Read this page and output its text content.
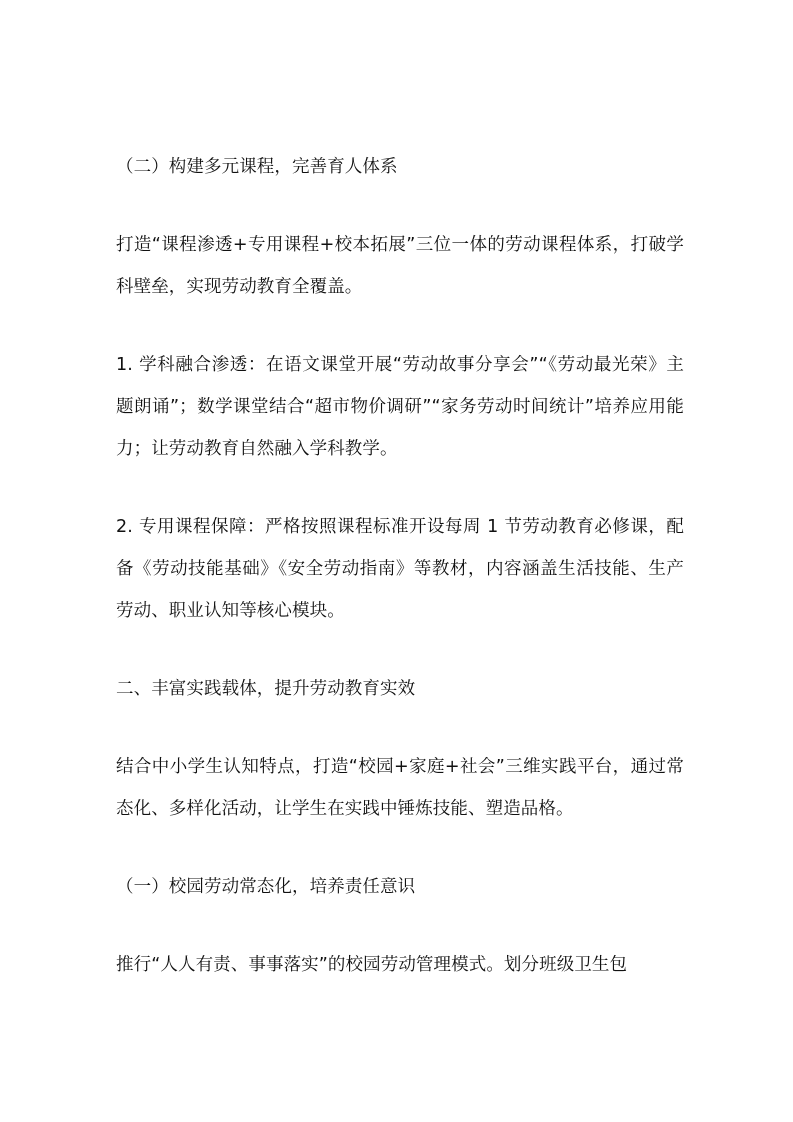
（二）构建多元课程，完善育人体系

打造“课程渗透+专用课程+校本拓展”三位一体的劳动课程体系，打破学科壁垒，实现劳动教育全覆盖。

1. 学科融合渗透：在语文课堂开展“劳动故事分享会”“《劳动最光荣》主题朗诵”；数学课堂结合“超市物价调研”“家务劳动时间统计”培养应用能力；让劳动教育自然融入学科教学。

2. 专用课程保障：严格按照课程标准开设每周 1 节劳动教育必修课，配备《劳动技能基础》《安全劳动指南》等教材，内容涵盖生活技能、生产劳动、职业认知等核心模块。

二、丰富实践载体，提升劳动教育实效

结合中小学生认知特点，打造“校园+家庭+社会”三维实践平台，通过常态化、多样化活动，让学生在实践中锤炼技能、塑造品格。

（一）校园劳动常态化，培养责任意识

推行“人人有责、事事落实”的校园劳动管理模式。划分班级卫生包
